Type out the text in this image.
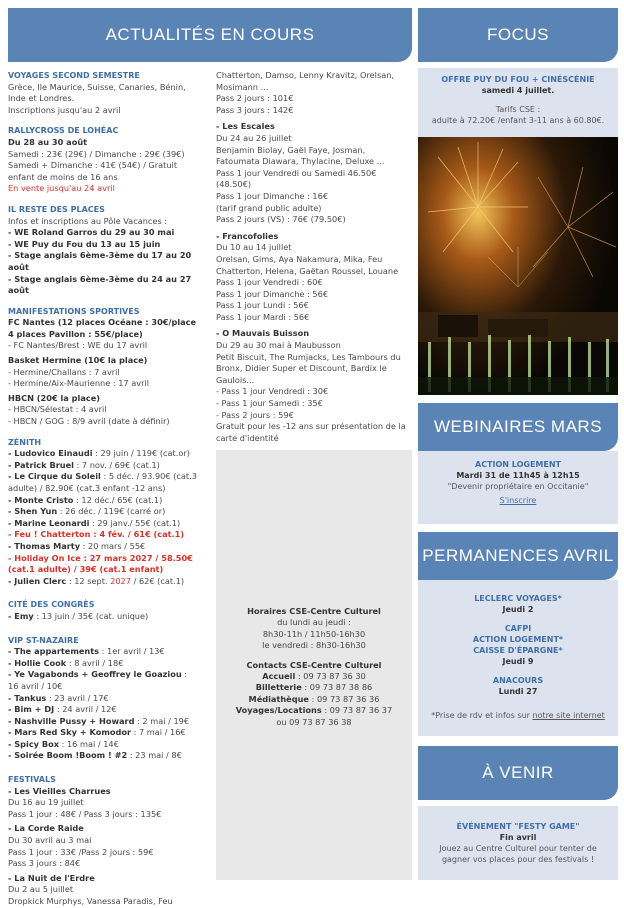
ACTUALITÉS EN COURS
VOYAGES SECOND SEMESTRE
Grèce, Ile Maurice, Suisse, Canaries, Bénin,
Inde et Londres.
Inscriptions jusqu'au 2 avril
RALLYCROSS DE LOHÉAC
Du 28 au 30 août
Samedi : 23€ (29€) / Dimanche : 29€ (39€)
Samedi + Dimanche : 41€ (54€) / Gratuit
enfant de moins de 16 ans
En vente jusqu'au 24 avril
IL RESTE DES PLACES
Infos et inscriptions au Pôle Vacances :
- WE Roland Garros du 29 au 30 mai
- WE Puy du Fou du 13 au 15 juin
- Stage anglais 6ème-3ème du 17 au 20 août
- Stage anglais 6ème-3ème du 24 au 27 août
MANIFESTATIONS SPORTIVES
FC Nantes (12 places Océane : 30€/place
4 places Pavillon : 55€/place)
- FC Nantes/Brest : WE du 17 avril
Basket Hermine (10€ la place)
- Hermine/Challans : 7 avril
- Hermine/Aix-Maurienne : 17 avril
HBCN (20€ la place)
- HBCN/Sélestat : 4 avril
- HBCN / GOG : 8/9 avril (date à définir)
ZÉNITH
- Ludovico Einaudi : 29 juin / 119€ (cat.or)
- Patrick Bruel : 7 nov. / 69€ (cat.1)
- Le Cirque du Soleil : 5 déc. / 93.90€ (cat.3
adulte) / 82.90€ (cat.3 enfant -12 ans)
- Monte Cristo : 12 déc./ 65€ (cat.1)
- Shen Yun : 26 déc. / 119€ (carré or)
- Marine Leonardi : 29 janv./ 55€ (cat.1)
- Feu ! Chatterton : 4 fév. / 61€ (cat.1)
- Thomas Marty : 20 mars / 55€
- Holiday On Ice : 27 mars 2027 / 58.50€
(cat.1 adulte) / 39€ (cat.1 enfant)
- Julien Clerc : 12 sept. 2027 / 62€ (cat.1)
CITÉ DES CONGRÈS
- Emy : 13 juin / 35€ (cat. unique)
VIP ST-NAZAIRE
- The appartements : 1er avril / 13€
- Hollie Cook : 8 avril / 18€
- Ye Vagabonds + Geoffrey le Goaziou :
16 avril / 10€
- Tankus : 23 avril / 17€
- Bim + DJ : 24 avril / 12€
- Nashville Pussy + Howard : 2 mai / 19€
- Mars Red Sky + Komodor : 7 mai / 16€
- Spicy Box : 16 mai / 14€
- Soirée Boom !Boom ! #2 : 23 mai / 8€
FESTIVALS
- Les Vieilles Charrues
Du 16 au 19 juillet
Pass 1 jour : 48€ / Pass 3 jours : 135€
- La Corde Raide
Du 30 avril au 3 mai
Pass 1 jour : 33€ /Pass 2 jours : 59€
Pass 3 jours : 84€
- La Nuit de l'Erdre
Du 2 au 5 juillet
Dropkick Murphys, Vanessa Paradis, Feu
Chatterton, Damso, Lenny Kravitz, Orelsan,
Mosimann ...
Pass 2 jours : 101€
Pass 3 jours : 142€
- Les Escales
Du 24 au 26 juillet
Benjamin Biolay, Gaël Faye, Josman,
Fatoumata Diawara, Thylacine, Deluxe ...
Pass 1 jour Vendredi ou Samedi 46.50€
(48.50€)
Pass 1 jour Dimanche : 16€
(tarif grand public adulte)
Pass 2 jours (VS) : 76€ (79.50€)
- Francofolies
Du 10 au 14 juillet
Orelsan, Gims, Aya Nakamura, Mika, Feu
Chatterton, Helena, Gaëtan Roussel, Louane
Pass 1 jour Vendredi : 60€
Pass 1 jour Dimanche : 56€
Pass 1 jour Lundi : 56€
Pass 1 jour Mardi : 56€
- O Mauvais Buisson
Du 29 au 30 mai à Maubusson
Petit Biscuit, The Rumjacks, Les Tambours du
Bronx, Didier Super et Discount, Bardix le
Gaulois...
- Pass 1 jour Vendredi : 30€
- Pass 1 jour Samedi : 35€
- Pass 2 jours : 59€
Gratuit pour les -12 ans sur présentation de la
carte d'identité
Horaires CSE-Centre Culturel
du lundi au jeudi :
8h30-11h / 11h50-16h30
le vendredi : 8h30-16h30
Contacts CSE-Centre Culturel
Accueil : 09 73 87 36 30
Billetterie : 09 73 87 38 86
Médiathèque : 09 73 87 36 36
Voyages/Locations : 09 73 87 36 37
ou 09 73 87 36 38
FOCUS
OFFRE PUY DU FOU + CINÉSCÉNIE
samedi 4 juillet.
Tarifs CSE :
adulte à 72.20€ /enfant 3-11 ans à 60.80€.
WEBINAIRES MARS
ACTION LOGEMENT
Mardi 31 de 11h45 à 12h15
"Devenir propriétaire en Occitanie"
S'inscrire
PERMANENCES AVRIL
LECLERC VOYAGES*
Jeudi 2
CAFPI
ACTION LOGEMENT*
CAISSE D'ÉPARGNE*
Jeudi 9
ANACOURS
Lundi 27
*Prise de rdv et infos sur notre site internet
À VENIR
ÉVÉNEMENT "FESTY GAME"
Fin avril
Jouez au Centre Culturel pour tenter de
gagner vos places pour des festivals !
